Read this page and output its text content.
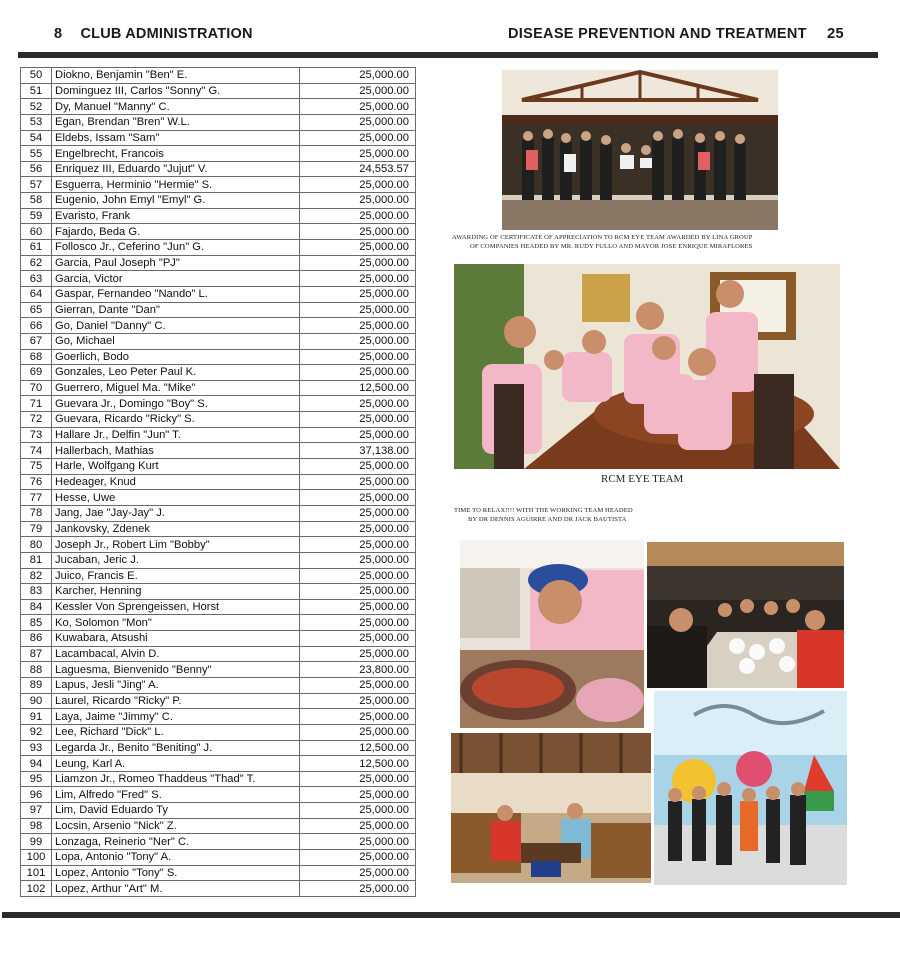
8 CLUB ADMINISTRATION	DISEASE PREVENTION AND TREATMENT 25
50	Diokno, Benjamin "Ben" E.	25,000.00
51	Dominguez III, Carlos "Sonny" G.	25,000.00
52	Dy, Manuel "Manny" C.	25,000.00
53	Egan, Brendan "Bren" W.L.	25,000.00
54	Eldebs, Issam "Sam"	25,000.00
55	Engelbrecht, Francois	25,000.00
56	Enriquez III, Eduardo "Jujut" V.	24,553.57
57	Esguerra, Herminio "Hermie" S.	25,000.00
58	Eugenio, John Emyl "Emyl" G.	25,000.00
59	Evaristo, Frank	25,000.00
60	Fajardo, Beda G.	25,000.00
61	Follosco Jr., Ceferino "Jun" G.	25,000.00
62	Garcia, Paul Joseph "PJ"	25,000.00
63	Garcia, Victor	25,000.00
64	Gaspar, Fernandeo "Nando" L.	25,000.00
65	Gierran, Dante "Dan"	25,000.00
66	Go, Daniel "Danny" C.	25,000.00
67	Go, Michael	25,000.00
68	Goerlich, Bodo	25,000.00
69	Gonzales, Leo Peter Paul K.	25,000.00
70	Guerrero, Miguel Ma. "Mike"	12,500.00
71	Guevara Jr., Domingo "Boy" S.	25,000.00
72	Guevara, Ricardo "Ricky" S.	25,000.00
73	Hallare Jr., Delfin "Jun" T.	25,000.00
74	Hallerbach, Mathias	37,138.00
75	Harle, Wolfgang Kurt	25,000.00
76	Hedeager, Knud	25,000.00
77	Hesse, Uwe	25,000.00
78	Jang, Jae "Jay-Jay" J.	25,000.00
79	Jankovsky, Zdenek	25,000.00
80	Joseph Jr., Robert Lim "Bobby"	25,000.00
81	Jucaban, Jeric J.	25,000.00
82	Juico, Francis E.	25,000.00
83	Karcher, Henning	25,000.00
84	Kessler Von Sprengeissen, Horst	25,000.00
85	Ko, Solomon "Mon"	25,000.00
86	Kuwabara, Atsushi	25,000.00
87	Lacambacal, Alvin D.	25,000.00
88	Laguesma, Bienvenido "Benny"	23,800.00
89	Lapus, Jesli "Jing" A.	25,000.00
90	Laurel, Ricardo "Ricky" P.	25,000.00
91	Laya, Jaime "Jimmy" C.	25,000.00
92	Lee, Richard "Dick" L.	25,000.00
93	Legarda Jr., Benito "Beniting" J.	12,500.00
94	Leung, Karl A.	12,500.00
95	Liamzon Jr., Romeo Thaddeus "Thad" T.	25,000.00
96	Lim, Alfredo "Fred" S.	25,000.00
97	Lim, David Eduardo Ty	25,000.00
98	Locsin, Arsenio "Nick" Z.	25,000.00
99	Lonzaga, Reinerio "Ner" C.	25,000.00
100	Lopa, Antonio "Tony" A.	25,000.00
101	Lopez, Antonio "Tony" S.	25,000.00
102	Lopez, Arthur "Art" M.	25,000.00
AWARDING OF CERTIFICATE OF APPRECIATION TO RCM EYE TEAM AWARDED BY LINA GROUP
OF COMPANIES HEADED BY MR. RUDY FULLO AND MAYOR JOSE ENRIQUE MIRAFLORES
RCM EYE TEAM
TIME TO RELAX!!!! WITH THE WORKING TEAM HEADED
BY DR DENNIS AGUIRRE AND DR JACK BAUTISTA
